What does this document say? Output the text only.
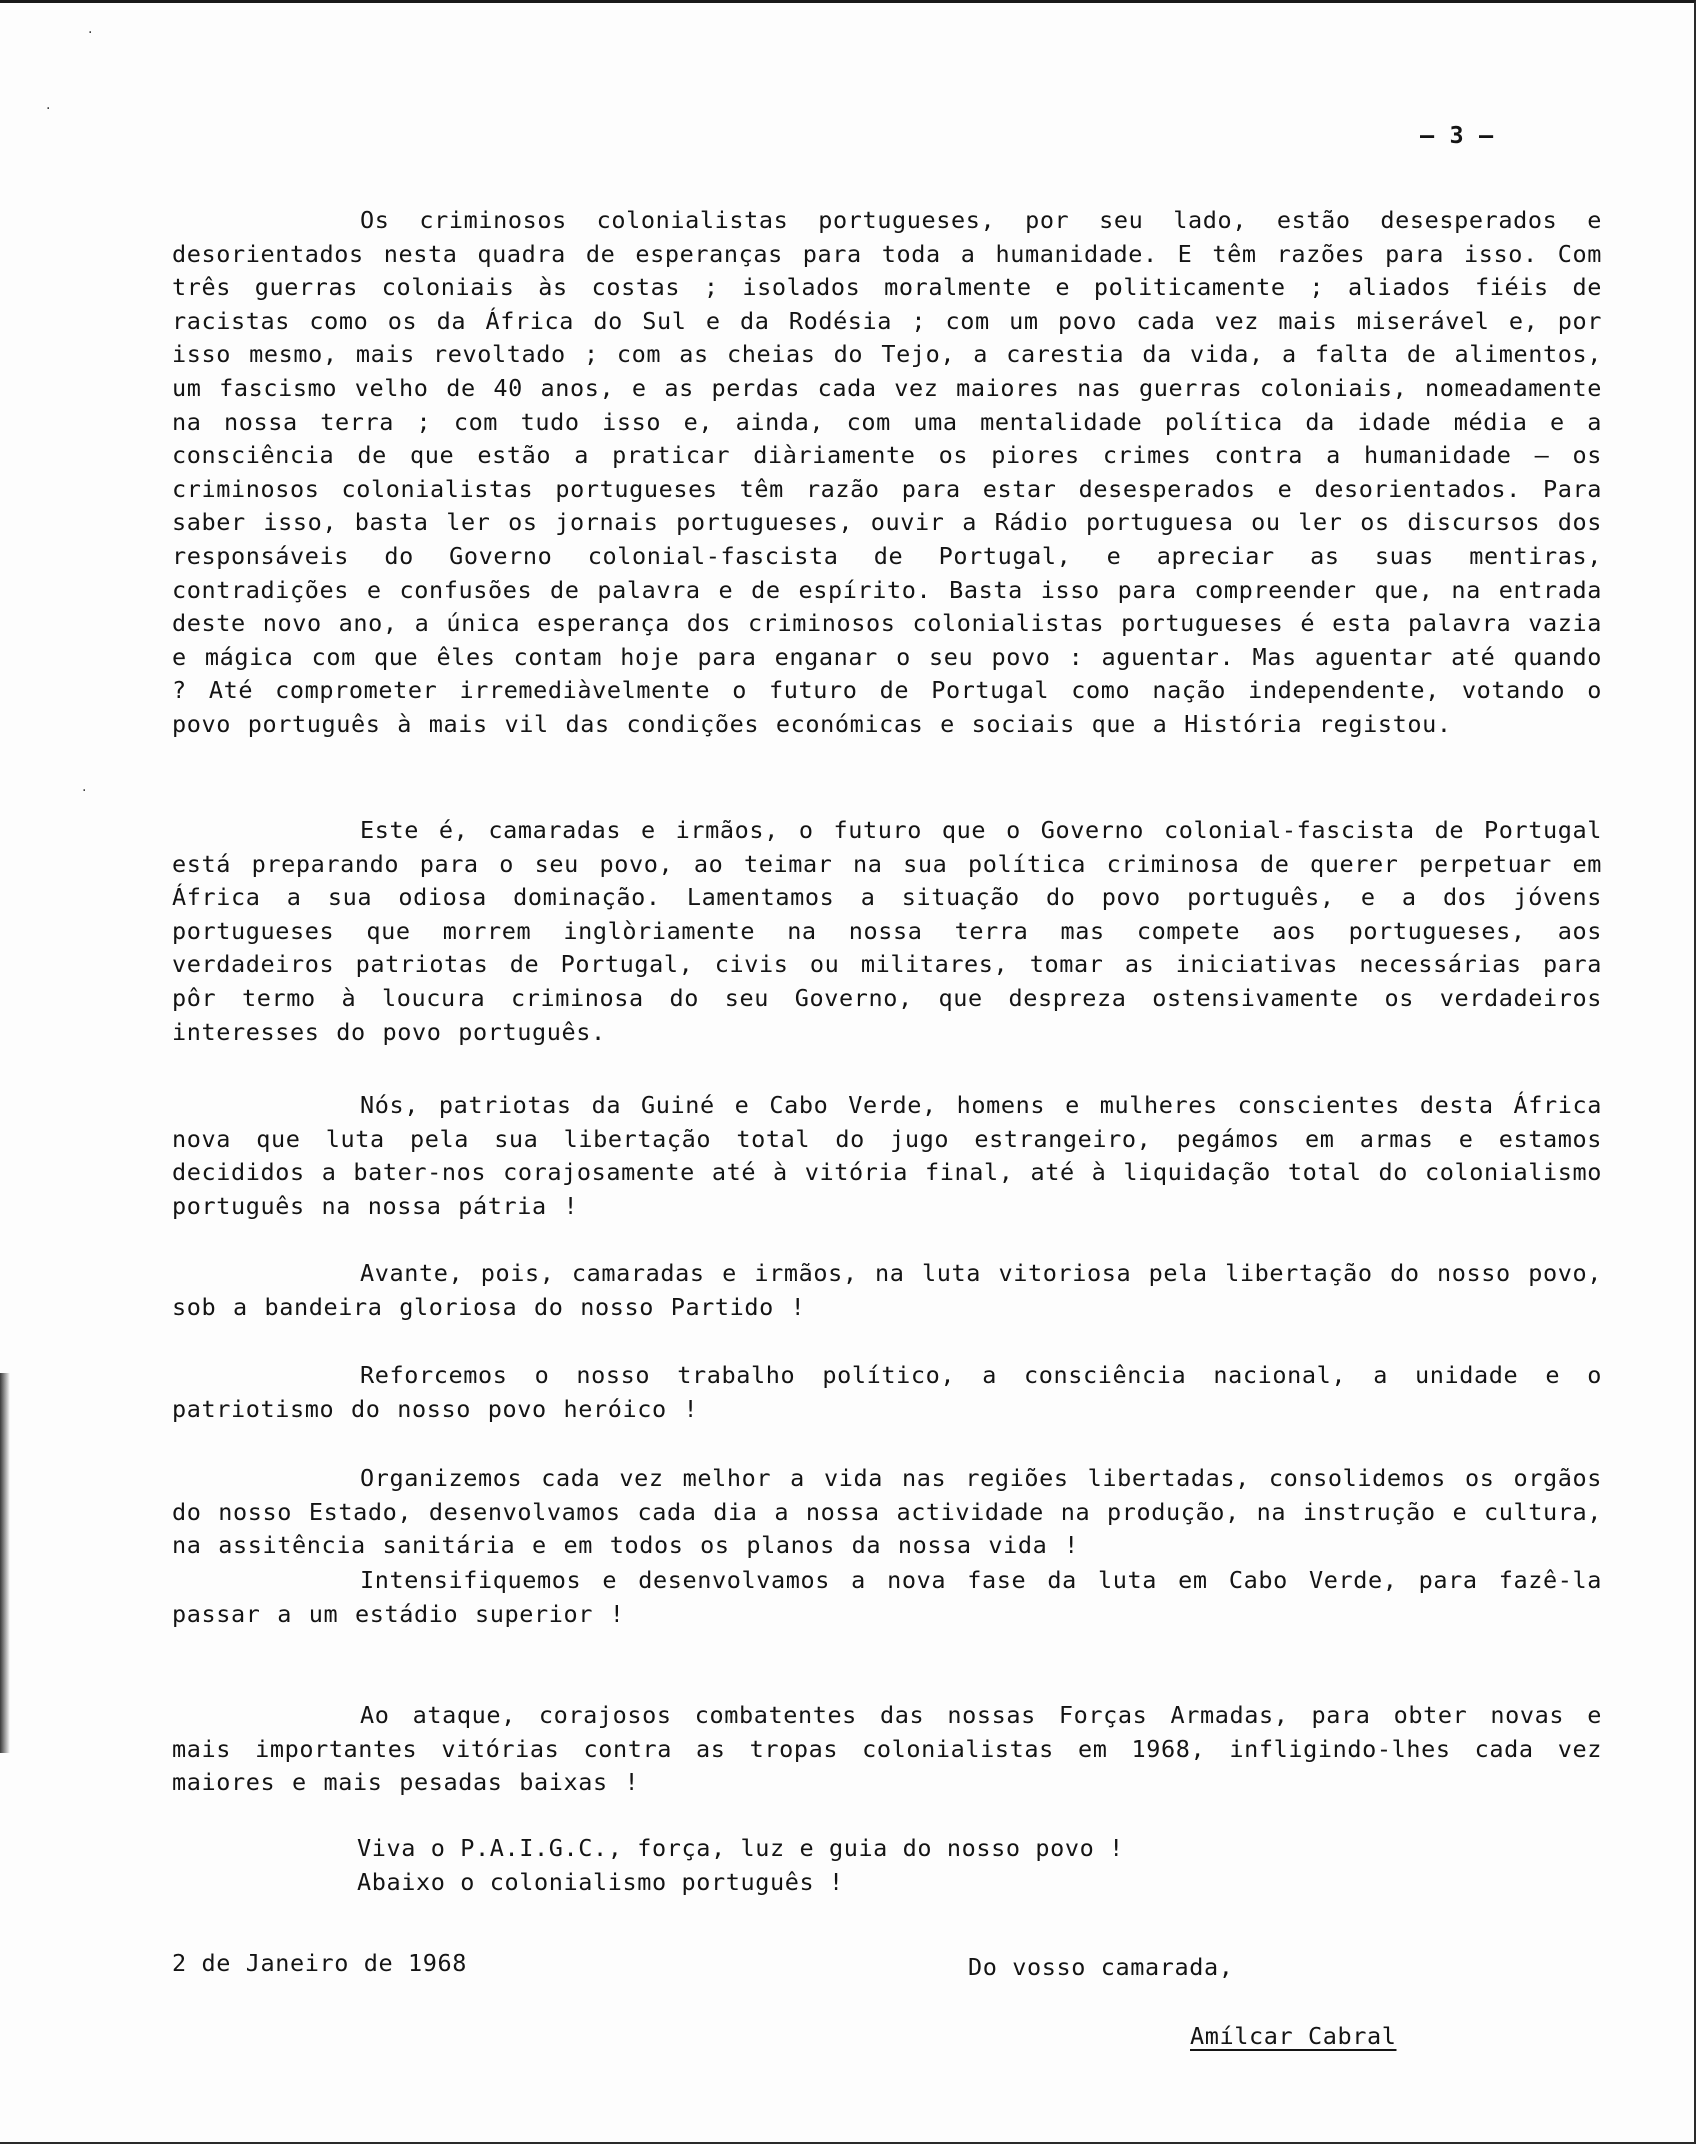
·
·
·
— 3 —

Os criminosos colonialistas portugueses, por seu lado, estão desesperados e desorientados nesta quadra de esperanças para toda a humanidade. E têm razões para isso. Com três guerras coloniais às costas ; isolados moralmente e politicamente ; aliados fiéis de racistas como os da África do Sul e da Rodésia ; com um povo cada vez mais miserável e, por isso mesmo, mais revoltado ; com as cheias do Tejo, a carestia da vida, a falta de alimentos, um fascismo velho de 40 anos, e as perdas cada vez maiores nas guerras coloniais, nomeadamente na nossa terra ; com tudo isso e, ainda, com uma mentalidade política da idade média e a consciência de que estão a praticar diàriamente os piores crimes contra a humanidade — os criminosos colonialistas portugueses têm razão para estar desesperados e desorientados. Para saber isso, basta ler os jornais portugueses, ouvir a Rádio portuguesa ou ler os discursos dos responsáveis do Governo colonial-fascista de Portugal, e apreciar as suas mentiras, contradições e confusões de palavra e de espírito. Basta isso para compreender que, na entrada deste novo ano, a única esperança dos criminosos colonialistas portugueses é esta palavra vazia e mágica com que êles contam hoje para enganar o seu povo : aguentar. Mas aguentar até quando ? Até comprometer irremediàvelmente o futuro de Portugal como nação independente, votando o povo português à mais vil das condições económicas e sociais que a História registou.

Este é, camaradas e irmãos, o futuro que o Governo colonial-fascista de Portugal está preparando para o seu povo, ao teimar na sua política criminosa de querer perpetuar em África a sua odiosa dominação. Lamentamos a situação do povo português, e a dos jóvens portugueses que morrem inglòriamente na nossa terra mas compete aos portugueses, aos verdadeiros patriotas de Portugal, civis ou militares, tomar as iniciativas necessárias para pôr termo à loucura criminosa do seu Governo, que despreza ostensivamente os verdadeiros interesses do povo português.

Nós, patriotas da Guiné e Cabo Verde, homens e mulheres conscientes desta África nova que luta pela sua libertação total do jugo estrangeiro, pegámos em armas e estamos decididos a bater-nos corajosamente até à vitória final, até à liquidação total do colonialismo português na nossa pátria !

Avante, pois, camaradas e irmãos, na luta vitoriosa pela libertação do nosso povo, sob a bandeira gloriosa do nosso Partido !

Reforcemos o nosso trabalho político, a consciência nacional, a unidade e o patriotismo do nosso povo heróico !

Organizemos cada vez melhor a vida nas regiões libertadas, consolidemos os orgãos do nosso Estado, desenvolvamos cada dia a nossa actividade na produção, na instrução e cultura, na assitência sanitária e em todos os planos da nossa vida !

Intensifiquemos e desenvolvamos a nova fase da luta em Cabo Verde, para fazê-la passar a um estádio superior !

Ao ataque, corajosos combatentes das nossas Forças Armadas, para obter novas e mais importantes vitórias contra as tropas colonialistas em 1968, infligindo-lhes cada vez maiores e mais pesadas baixas !

Viva o P.A.I.G.C., força, luz e guia do nosso povo !

Abaixo o colonialismo português !

2 de Janeiro de 1968	Do vosso camarada,
Amílcar Cabral
